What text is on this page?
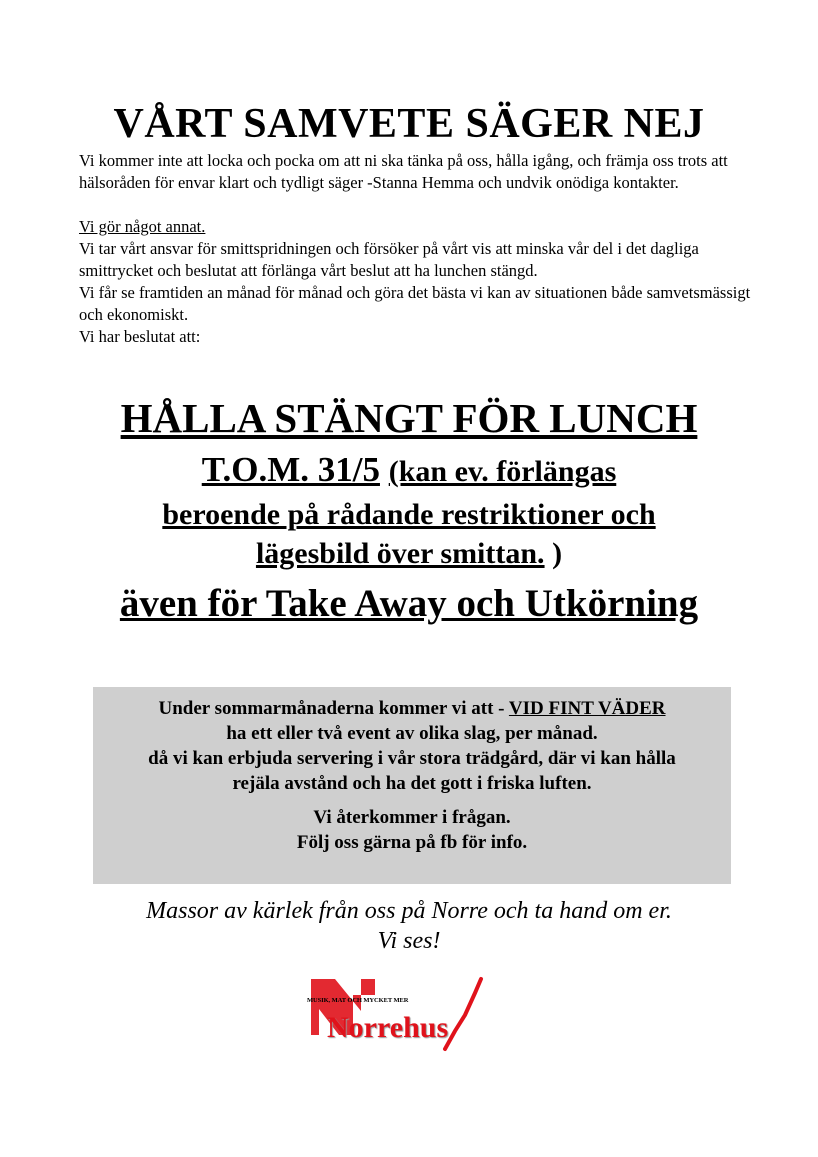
VÅRT SAMVETE SÄGER NEJ

Vi kommer inte att locka och pocka om att ni ska tänka på oss, hålla igång, och främja oss trots att hälsoråden för envar klart och tydligt säger -Stanna Hemma och undvik onödiga kontakter.

Vi gör något annat.

Vi tar vårt ansvar för smittspridningen och försöker på vårt vis att minska vår del i det dagliga smittrycket och beslutat att förlänga vårt beslut att ha lunchen stängd.

Vi får se framtiden an månad för månad och göra det bästa vi kan av situationen både samvetsmässigt och ekonomiskt.

Vi har beslutat att:

HÅLLA STÄNGT FÖR LUNCH
T.O.M. 31/5 (kan ev. förlängas
beroende på rådande restriktioner och
lägesbild över smittan. )
även för Take Away och Utkörning
Under sommarmånaderna kommer vi att - VID FINT VÄDER
ha ett eller två event av olika slag, per månad.
då vi kan erbjuda servering i vår stora trädgård, där vi kan hålla
rejäla avstånd och ha det gott i friska luften.
Vi återkommer i frågan.
Följ oss gärna på fb för info.
Massor av kärlek från oss på Norre och ta hand om er.
Vi ses!
MUSIK, MAT OCH MYCKET MER
Norrehus
